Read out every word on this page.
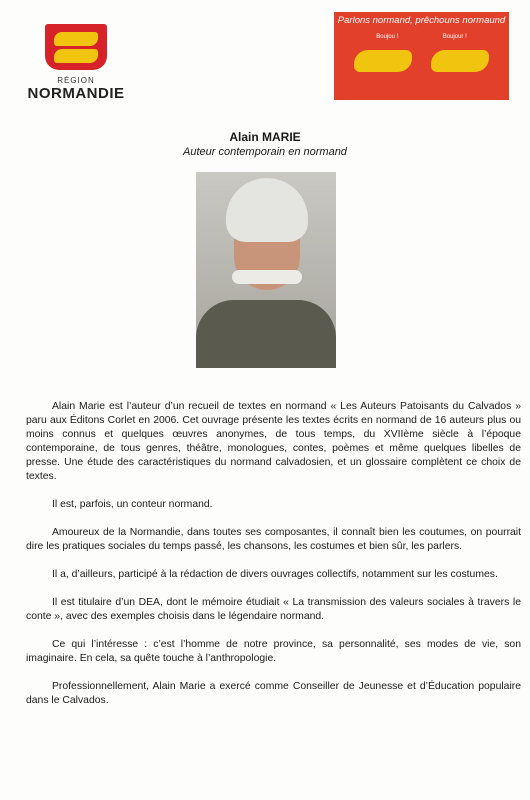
RÉGION
NORMANDIE
Parlons normand, prêchouns normaund
Boujou !	Boujour !
Alain MARIE
Auteur contemporain en normand

Alain Marie est l’auteur d’un recueil de textes en normand « Les Auteurs Patoisants du Calvados » paru aux Éditons Corlet en 2006. Cet ouvrage présente les textes écrits en normand de 16 auteurs plus ou moins connus et quelques œuvres anonymes, de tous temps, du XVIIème siècle à l’époque contemporaine, de tous genres, théâtre, monologues, contes, poèmes et même quelques libelles de presse. Une étude des caractéristiques du normand calvadosien, et un glossaire complètent ce choix de textes.

Il est, parfois, un conteur normand.

Amoureux de la Normandie, dans toutes ses composantes, il connaît bien les coutumes, on pourrait dire les pratiques sociales du temps passé, les chansons, les costumes et bien sûr, les parlers.

Il a, d’ailleurs, participé à la rédaction de divers ouvrages collectifs, notamment sur les costumes.

Il est titulaire d’un DEA, dont le mémoire étudiait « La transmission des valeurs sociales à travers le conte », avec des exemples choisis dans le légendaire normand.

Ce qui l’intéresse : c’est l’homme de notre province, sa personnalité, ses modes de vie, son imaginaire. En cela, sa quête touche à l’anthropologie.

Professionnellement, Alain Marie a exercé comme Conseiller de Jeunesse et d’Éducation populaire dans le Calvados.
